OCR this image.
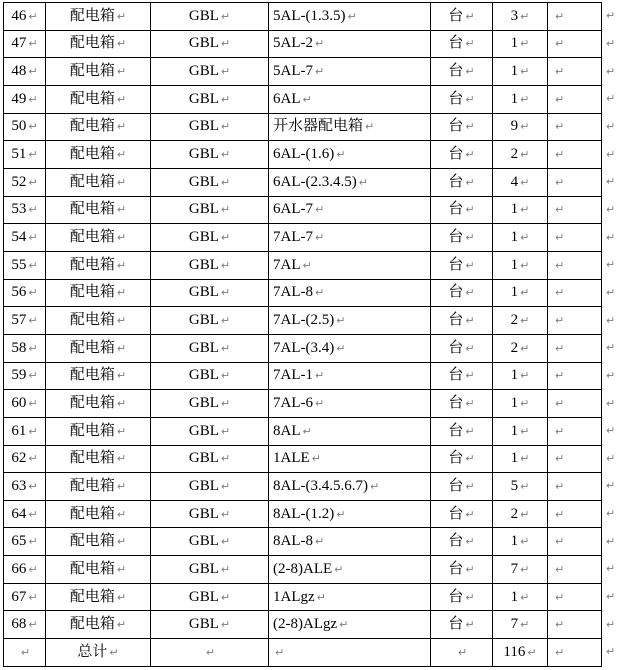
46 ↵ 配电箱 ↵	GBL ↵	5AL-(1.3.5) ↵	台 ↵ 3 ↵ ↵
47 ↵ 配电箱 ↵	GBL ↵	5AL-2 ↵	台 ↵ 1 ↵ ↵
48 ↵ 配电箱 ↵	GBL ↵	5AL-7 ↵	台 ↵ 1 ↵ ↵
49 ↵ 配电箱 ↵	GBL ↵	6AL ↵	台 ↵ 1 ↵ ↵
50 ↵ 配电箱 ↵	GBL ↵	开水器配电箱 ↵	台 ↵ 9 ↵ ↵
51 ↵ 配电箱 ↵	GBL ↵	6AL-(1.6) ↵	台 ↵ 2 ↵ ↵
52 ↵ 配电箱 ↵	GBL ↵	6AL-(2.3.4.5) ↵	台 ↵ 4 ↵ ↵
53 ↵ 配电箱 ↵	GBL ↵	6AL-7 ↵	台 ↵ 1 ↵ ↵
54 ↵ 配电箱 ↵	GBL ↵	7AL-7 ↵	台 ↵ 1 ↵ ↵
55 ↵ 配电箱 ↵	GBL ↵	7AL ↵	台 ↵ 1 ↵ ↵
56 ↵ 配电箱 ↵	GBL ↵	7AL-8 ↵	台 ↵ 1 ↵ ↵
57 ↵ 配电箱 ↵	GBL ↵	7AL-(2.5) ↵	台 ↵ 2 ↵ ↵
58 ↵ 配电箱 ↵	GBL ↵	7AL-(3.4) ↵	台 ↵ 2 ↵ ↵
59 ↵ 配电箱 ↵	GBL ↵	7AL-1 ↵	台 ↵ 1 ↵ ↵
60 ↵ 配电箱 ↵	GBL ↵	7AL-6 ↵	台 ↵ 1 ↵ ↵
61 ↵ 配电箱 ↵	GBL ↵	8AL ↵	台 ↵ 1 ↵ ↵
62 ↵ 配电箱 ↵	GBL ↵	1ALE ↵	台 ↵ 1 ↵ ↵
63 ↵ 配电箱 ↵	GBL ↵	8AL-(3.4.5.6.7) ↵	台 ↵ 5 ↵ ↵
64 ↵ 配电箱 ↵	GBL ↵	8AL-(1.2) ↵	台 ↵ 2 ↵ ↵
65 ↵ 配电箱 ↵	GBL ↵	8AL-8 ↵	台 ↵ 1 ↵ ↵
66 ↵ 配电箱 ↵	GBL ↵	(2-8)ALE ↵	台 ↵ 7 ↵ ↵
67 ↵ 配电箱 ↵	GBL ↵	1ALgz ↵	台 ↵ 1 ↵ ↵
68 ↵ 配电箱 ↵	GBL ↵	(2-8)ALgz ↵	台 ↵ 7 ↵ ↵
↵	总计 ↵	↵	↵	↵ 116 ↵ ↵
↵
↵
↵
↵
↵
↵
↵
↵
↵
↵
↵
↵
↵
↵
↵
↵
↵
↵
↵
↵
↵
↵
↵
↵
